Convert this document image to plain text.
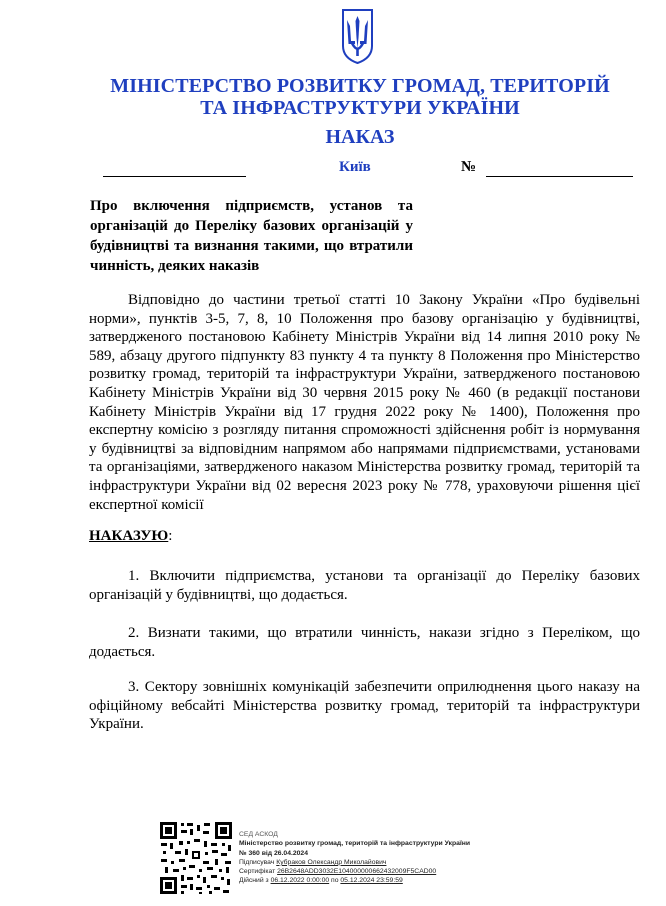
МІНІСТЕРСТВО РОЗВИТКУ ГРОМАД, ТЕРИТОРІЙ
ТА ІНФРАСТРУКТУРИ УКРАЇНИ
НАКАЗ
Київ	№
Про включення підприємств, установ та організацій до Переліку базових організацій у будівництві та визнання такими, що втратили чинність, деяких наказів
Відповідно до частини третьої статті 10 Закону України «Про будівельні норми», пунктів 3-5, 7, 8, 10 Положення про базову організацію у будівництві, затвердженого постановою Кабінету Міністрів України від 14 липня 2010 року № 589, абзацу другого підпункту 83 пункту 4 та пункту 8 Положення про Міністерство розвитку громад, територій та інфраструктури України, затвердженого постановою Кабінету Міністрів України від 30 червня 2015 року № 460 (в редакції постанови Кабінету Міністрів України від 17 грудня 2022 року № 1400), Положення про експертну комісію з розгляду питання спроможності здійснення робіт із нормування у будівництві за відповідним напрямом або напрямами підприємствами, установами та організаціями, затвердженого наказом Міністерства розвитку громад, територій та інфраструктури України від 02 вересня 2023 року № 778, ураховуючи рішення цієї експертної комісії
НАКАЗУЮ:
1. Включити підприємства, установи та організації до Переліку базових організацій у будівництві, що додається.
2. Визнати такими, що втратили чинність, накази згідно з Переліком, що додається.
3. Сектору зовнішніх комунікацій забезпечити оприлюднення цього наказу на офіційному вебсайті Міністерства розвитку громад, територій та інфраструктури України.
СЕД АСКОД
Міністерство розвитку громад, територій та інфраструктури України
№ 360 від 26.04.2024
Підписувач Кубраков Олександр Миколайович
Сертифікат 26B2648ADD3032E104000000662432009F5CAD00
Дійсний з 06.12.2022 0:00:00 по 05.12.2024 23:59:59
